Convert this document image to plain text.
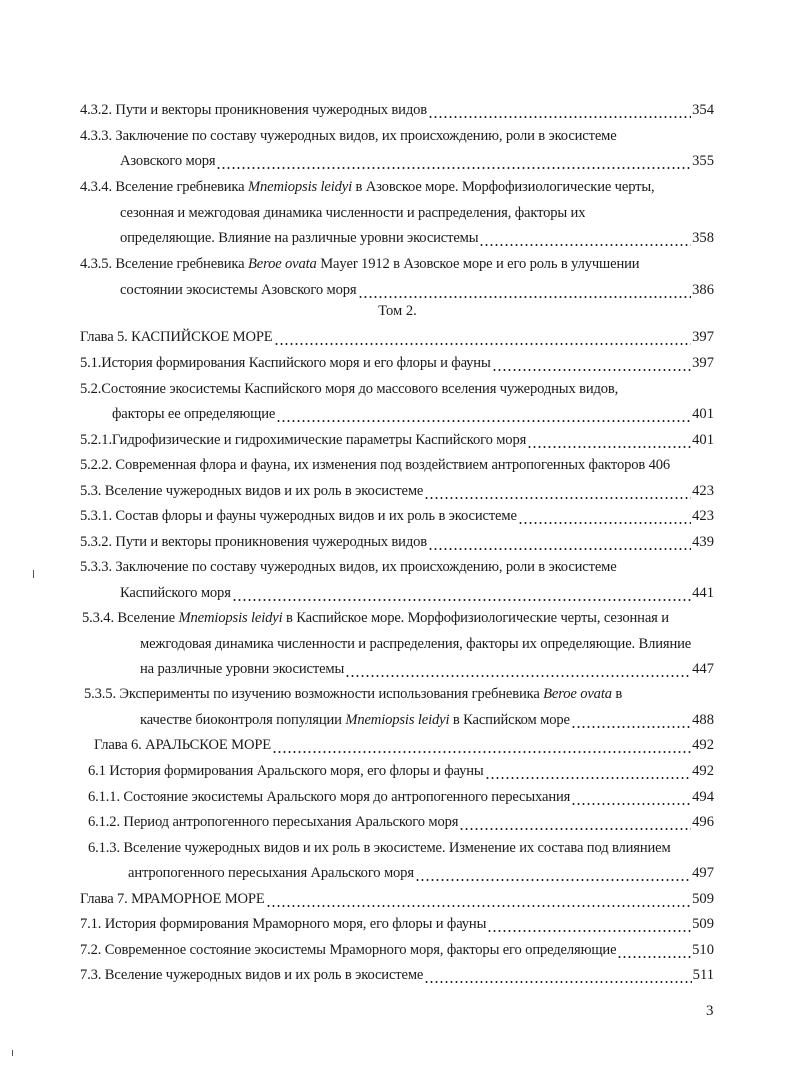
4.3.2. Пути и векторы проникновения чужеродных видов	354
4.3.3. Заключение по составу чужеродных видов, их происхождению, роли в экосистеме
Азовского моря	355
4.3.4. Вселение гребневика Mnemiopsis leidyi в Азовское море. Морфофизиологические черты,
сезонная и межгодовая динамика численности и распределения, факторы их
определяющие. Влияние на различные уровни экосистемы	358
4.3.5. Вселение гребневика Beroe ovata Mayer 1912 в Азовское море и его роль в улучшении
состоянии экосистемы Азовского моря	386
Глава 5. КАСПИЙСКОЕ МОРЕ	397
5.1.История формирования Каспийского моря и его флоры и фауны	397
5.2.Состояние экосистемы Каспийского моря до массового вселения чужеродных видов,
факторы ее определяющие	401
5.2.1.Гидрофизические и гидрохимические параметры Каспийского моря	401
5.2.2. Современная флора и фауна, их изменения под воздействием антропогенных факторов 406
5.3. Вселение чужеродных видов и их роль в экосистеме	423
5.3.1. Состав флоры и фауны чужеродных видов и их роль в экосистеме	423
5.3.2. Пути и векторы проникновения чужеродных видов	439
5.3.3. Заключение по составу чужеродных видов, их происхождению, роли в экосистеме
Каспийского моря	441
5.3.4. Вселение Mnemiopsis leidyi в Каспийское море. Морфофизиологические черты, сезонная и
межгодовая динамика численности и распределения, факторы их определяющие. Влияние
на различные уровни экосистемы	447
5.3.5. Эксперименты по изучению возможности использования гребневика Beroe ovata в
качестве биоконтроля популяции Mnemiopsis leidyi в Каспийском море	488
Глава 6. АРАЛЬСКОЕ МОРЕ	492
6.1 История формирования Аральского моря, его флоры и фауны	492
6.1.1. Состояние экосистемы Аральского моря до антропогенного пересыхания	494
6.1.2. Период антропогенного пересыхания Аральского моря	496
6.1.3. Вселение чужеродных видов и их роль в экосистеме. Изменение их состава под влиянием
антропогенного пересыхания Аральского моря	497
Глава 7. МРАМОРНОЕ МОРЕ	509
7.1. История формирования Мраморного моря, его флоры и фауны	509
7.2. Современное состояние экосистемы Мраморного моря, факторы его определяющие	510
7.3. Вселение чужеродных видов и их роль в экосистеме	511
Том 2.
3
